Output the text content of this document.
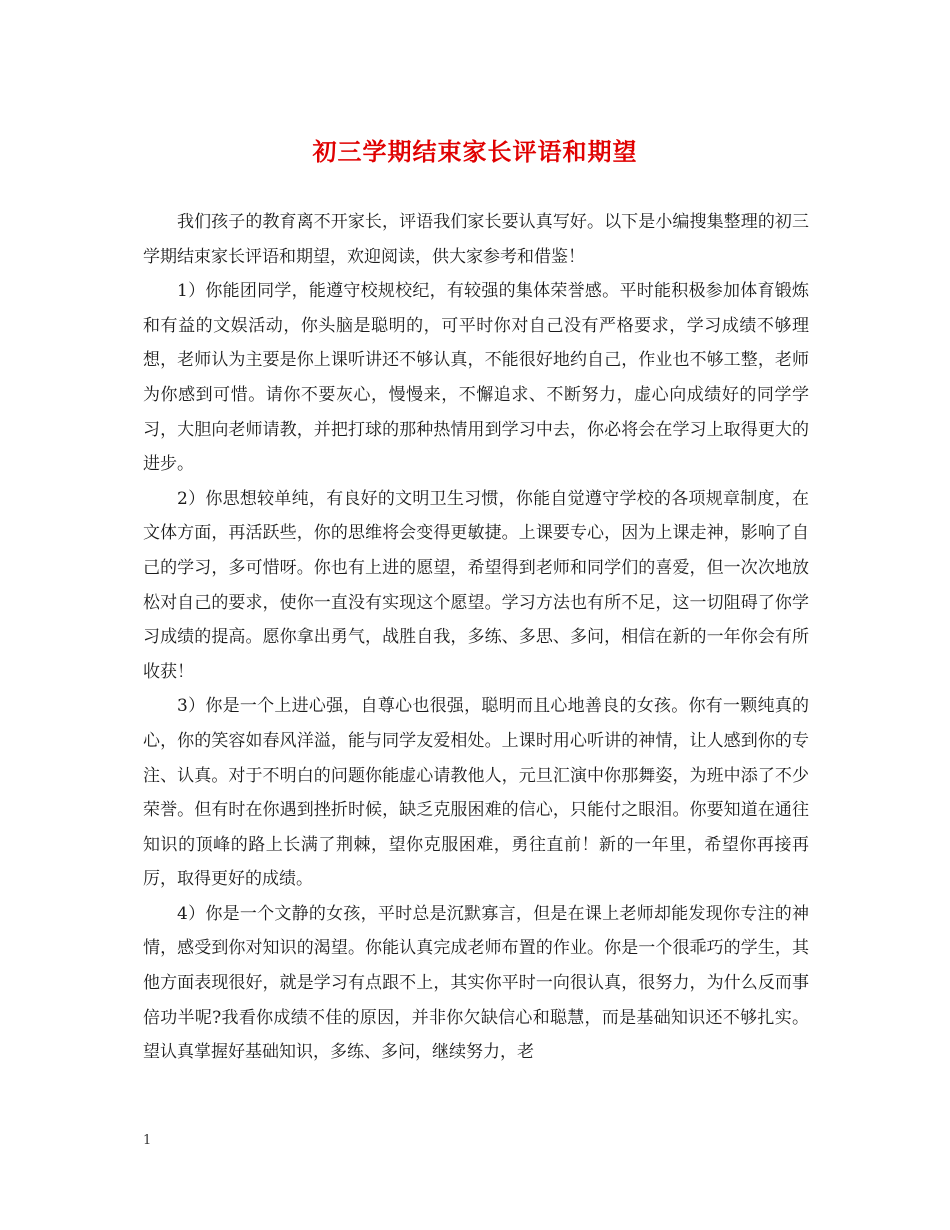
初三学期结束家长评语和期望

我们孩子的教育离不开家长，评语我们家长要认真写好。以下是小编搜集整理的初三学期结束家长评语和期望，欢迎阅读，供大家参考和借鉴！

1）你能团同学，能遵守校规校纪，有较强的集体荣誉感。平时能积极参加体育锻炼和有益的文娱活动，你头脑是聪明的，可平时你对自己没有严格要求，学习成绩不够理想，老师认为主要是你上课听讲还不够认真，不能很好地约自己，作业也不够工整，老师为你感到可惜。请你不要灰心，慢慢来，不懈追求、不断努力，虚心向成绩好的同学学习，大胆向老师请教，并把打球的那种热情用到学习中去，你必将会在学习上取得更大的进步。

2）你思想较单纯，有良好的文明卫生习惯，你能自觉遵守学校的各项规章制度，在文体方面，再活跃些，你的思维将会变得更敏捷。上课要专心，因为上课走神，影响了自己的学习，多可惜呀。你也有上进的愿望，希望得到老师和同学们的喜爱，但一次次地放松对自己的要求，使你一直没有实现这个愿望。学习方法也有所不足，这一切阻碍了你学习成绩的提高。愿你拿出勇气，战胜自我，多练、多思、多问，相信在新的一年你会有所收获！

3）你是一个上进心强，自尊心也很强，聪明而且心地善良的女孩。你有一颗纯真的心，你的笑容如春风洋溢，能与同学友爱相处。上课时用心听讲的神情，让人感到你的专注、认真。对于不明白的问题你能虚心请教他人，元旦汇演中你那舞姿，为班中添了不少荣誉。但有时在你遇到挫折时候，缺乏克服困难的信心，只能付之眼泪。你要知道在通往知识的顶峰的路上长满了荆棘，望你克服困难，勇往直前！新的一年里，希望你再接再厉，取得更好的成绩。

4）你是一个文静的女孩，平时总是沉默寡言，但是在课上老师却能发现你专注的神情，感受到你对知识的渴望。你能认真完成老师布置的作业。你是一个很乖巧的学生，其他方面表现很好，就是学习有点跟不上，其实你平时一向很认真，很努力，为什么反而事倍功半呢?我看你成绩不佳的原因，并非你欠缺信心和聪慧，而是基础知识还不够扎实。望认真掌握好基础知识，多练、多问，继续努力，老

1
